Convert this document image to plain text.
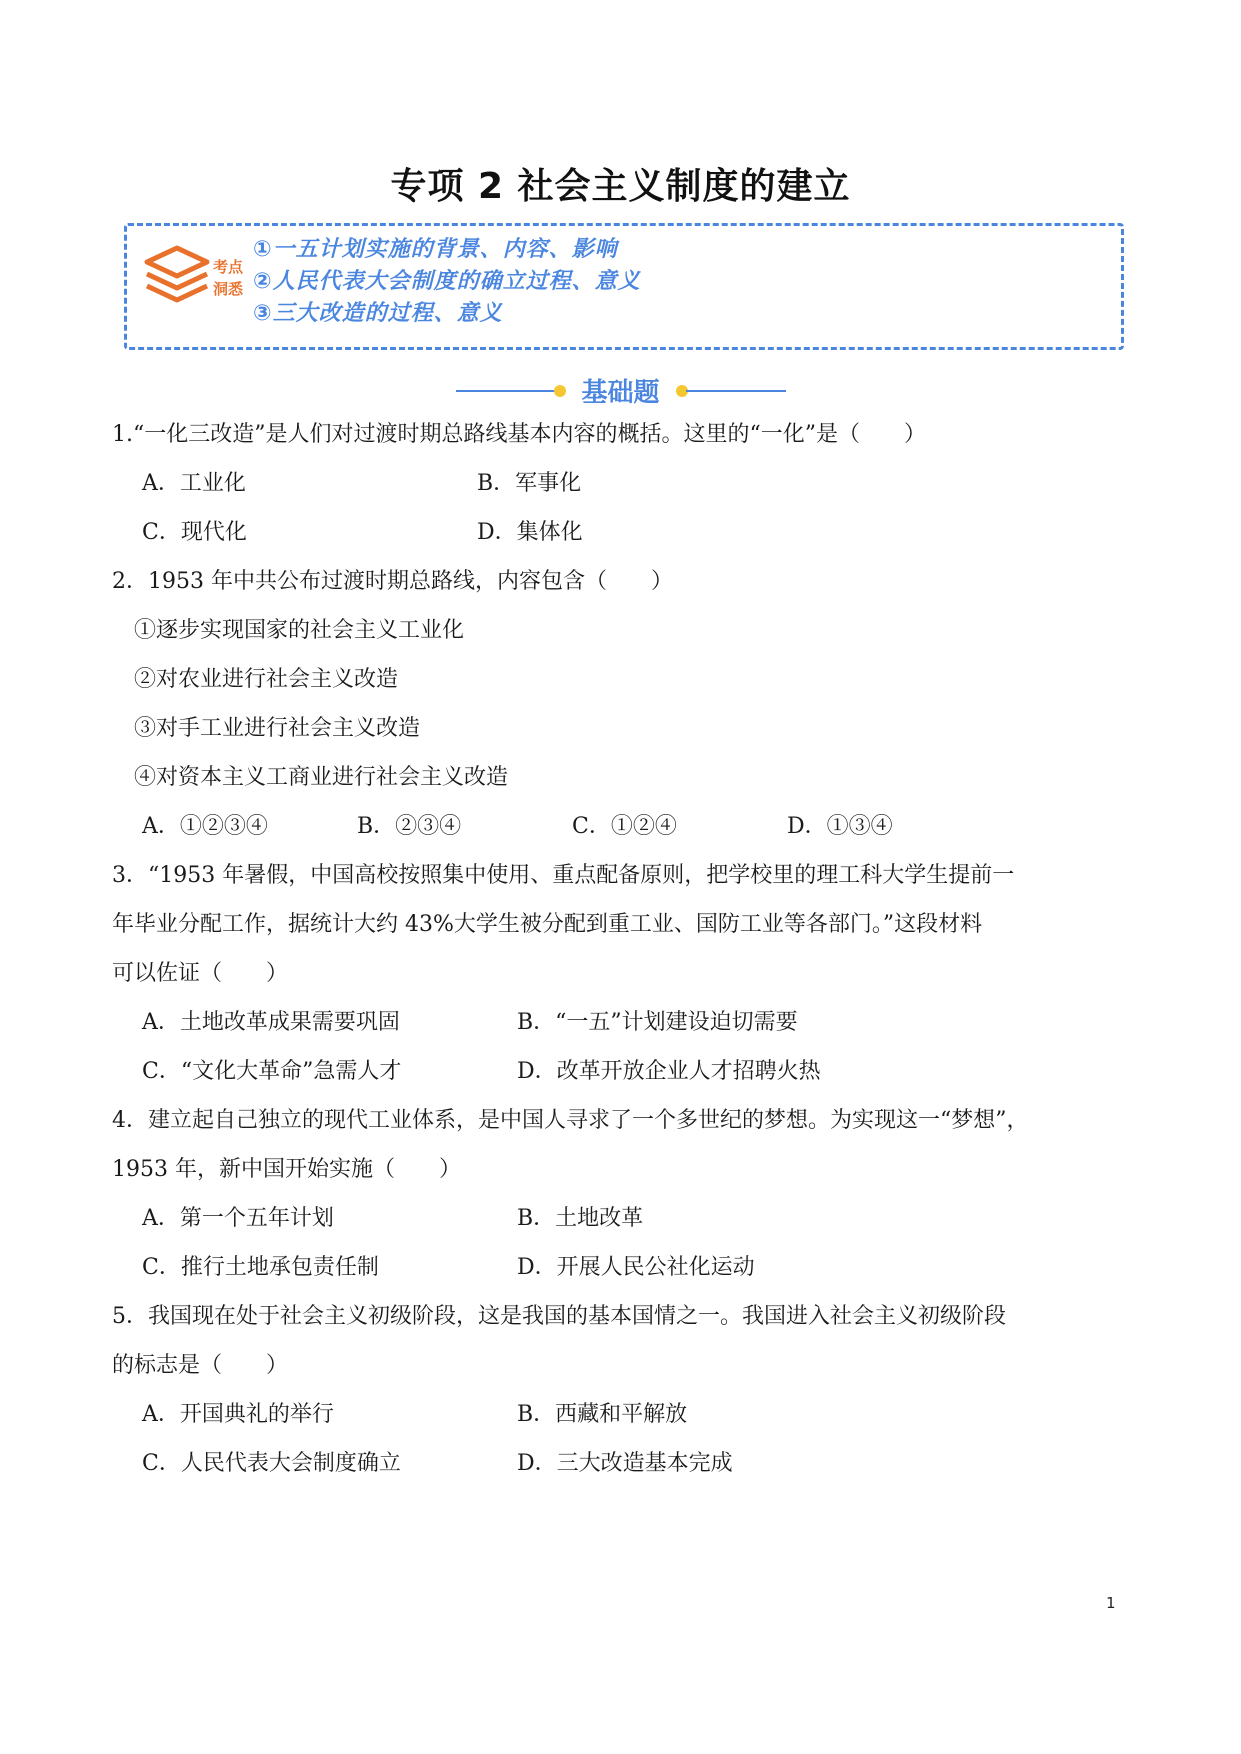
专项 2 社会主义制度的建立
考点洞悉
①一五计划实施的背景、内容、影响
②人民代表大会制度的确立过程、意义
③三大改造的过程、意义
基础题
1.“一化三改造”是人们对过渡时期总路线基本内容的概括。这里的“一化”是（　　）
A．工业化	B．军事化
C．现代化	D．集体化
2．1953 年中共公布过渡时期总路线，内容包含（　　）
①逐步实现国家的社会主义工业化
②对农业进行社会主义改造
③对手工业进行社会主义改造
④对资本主义工商业进行社会主义改造
A．①②③④	B．②③④	C．①②④	D．①③④
3．“1953 年暑假，中国高校按照集中使用、重点配备原则，把学校里的理工科大学生提前一
年毕业分配工作，据统计大约 43%大学生被分配到重工业、国防工业等各部门。”这段材料
可以佐证（　　）
A．土地改革成果需要巩固	B．“一五”计划建设迫切需要
C．“文化大革命”急需人才	D．改革开放企业人才招聘火热
4．建立起自己独立的现代工业体系，是中国人寻求了一个多世纪的梦想。为实现这一“梦想”，
1953 年，新中国开始实施（　　）
A．第一个五年计划	B．土地改革
C．推行土地承包责任制	D．开展人民公社化运动
5．我国现在处于社会主义初级阶段，这是我国的基本国情之一。我国进入社会主义初级阶段
的标志是（　　）
A．开国典礼的举行	B．西藏和平解放
C．人民代表大会制度确立	D．三大改造基本完成
1
